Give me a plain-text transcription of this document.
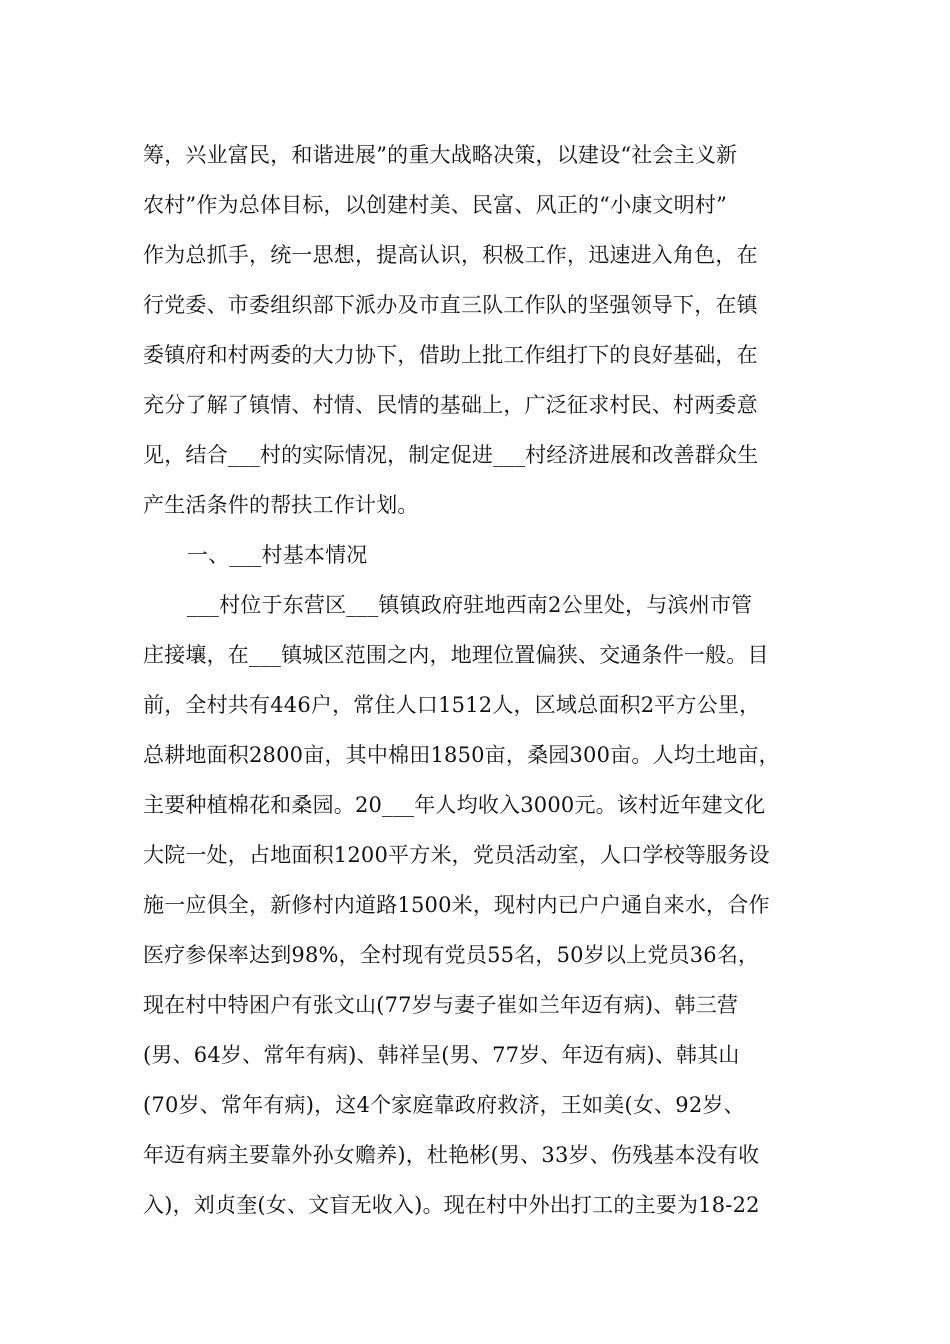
筹，兴业富民，和谐进展”的重大战略决策，以建设“社会主义新
农村”作为总体目标，以创建村美、民富、风正的“小康文明村”
作为总抓手，统一思想，提高认识，积极工作，迅速进入角色，在
行党委、市委组织部下派办及市直三队工作队的坚强领导下，在镇
委镇府和村两委的大力协下，借助上批工作组打下的良好基础，在
充分了解了镇情、村情、民情的基础上，广泛征求村民、村两委意
见，结合___村的实际情况，制定促进___村经济进展和改善群众生
产生活条件的帮扶工作计划。
一、___村基本情况
___村位于东营区___镇镇政府驻地西南2公里处，与滨州市管
庄接壤，在___镇城区范围之内，地理位置偏狭、交通条件一般。目
前，全村共有446户，常住人口1512人，区域总面积2平方公里，
总耕地面积2800亩，其中棉田1850亩，桑园300亩。人均土地亩，
主要种植棉花和桑园。20___年人均收入3000元。该村近年建文化
大院一处，占地面积1200平方米，党员活动室，人口学校等服务设
施一应俱全，新修村内道路1500米，现村内已户户通自来水，合作
医疗参保率达到98%，全村现有党员55名，50岁以上党员36名，
现在村中特困户有张文山(77岁与妻子崔如兰年迈有病)、韩三营
(男、64岁、常年有病)、韩祥呈(男、77岁、年迈有病)、韩其山
(70岁、常年有病)，这4个家庭靠政府救济，王如美(女、92岁、
年迈有病主要靠外孙女赡养)，杜艳彬(男、33岁、伤残基本没有收
入)，刘贞奎(女、文盲无收入)。现在村中外出打工的主要为18-22
